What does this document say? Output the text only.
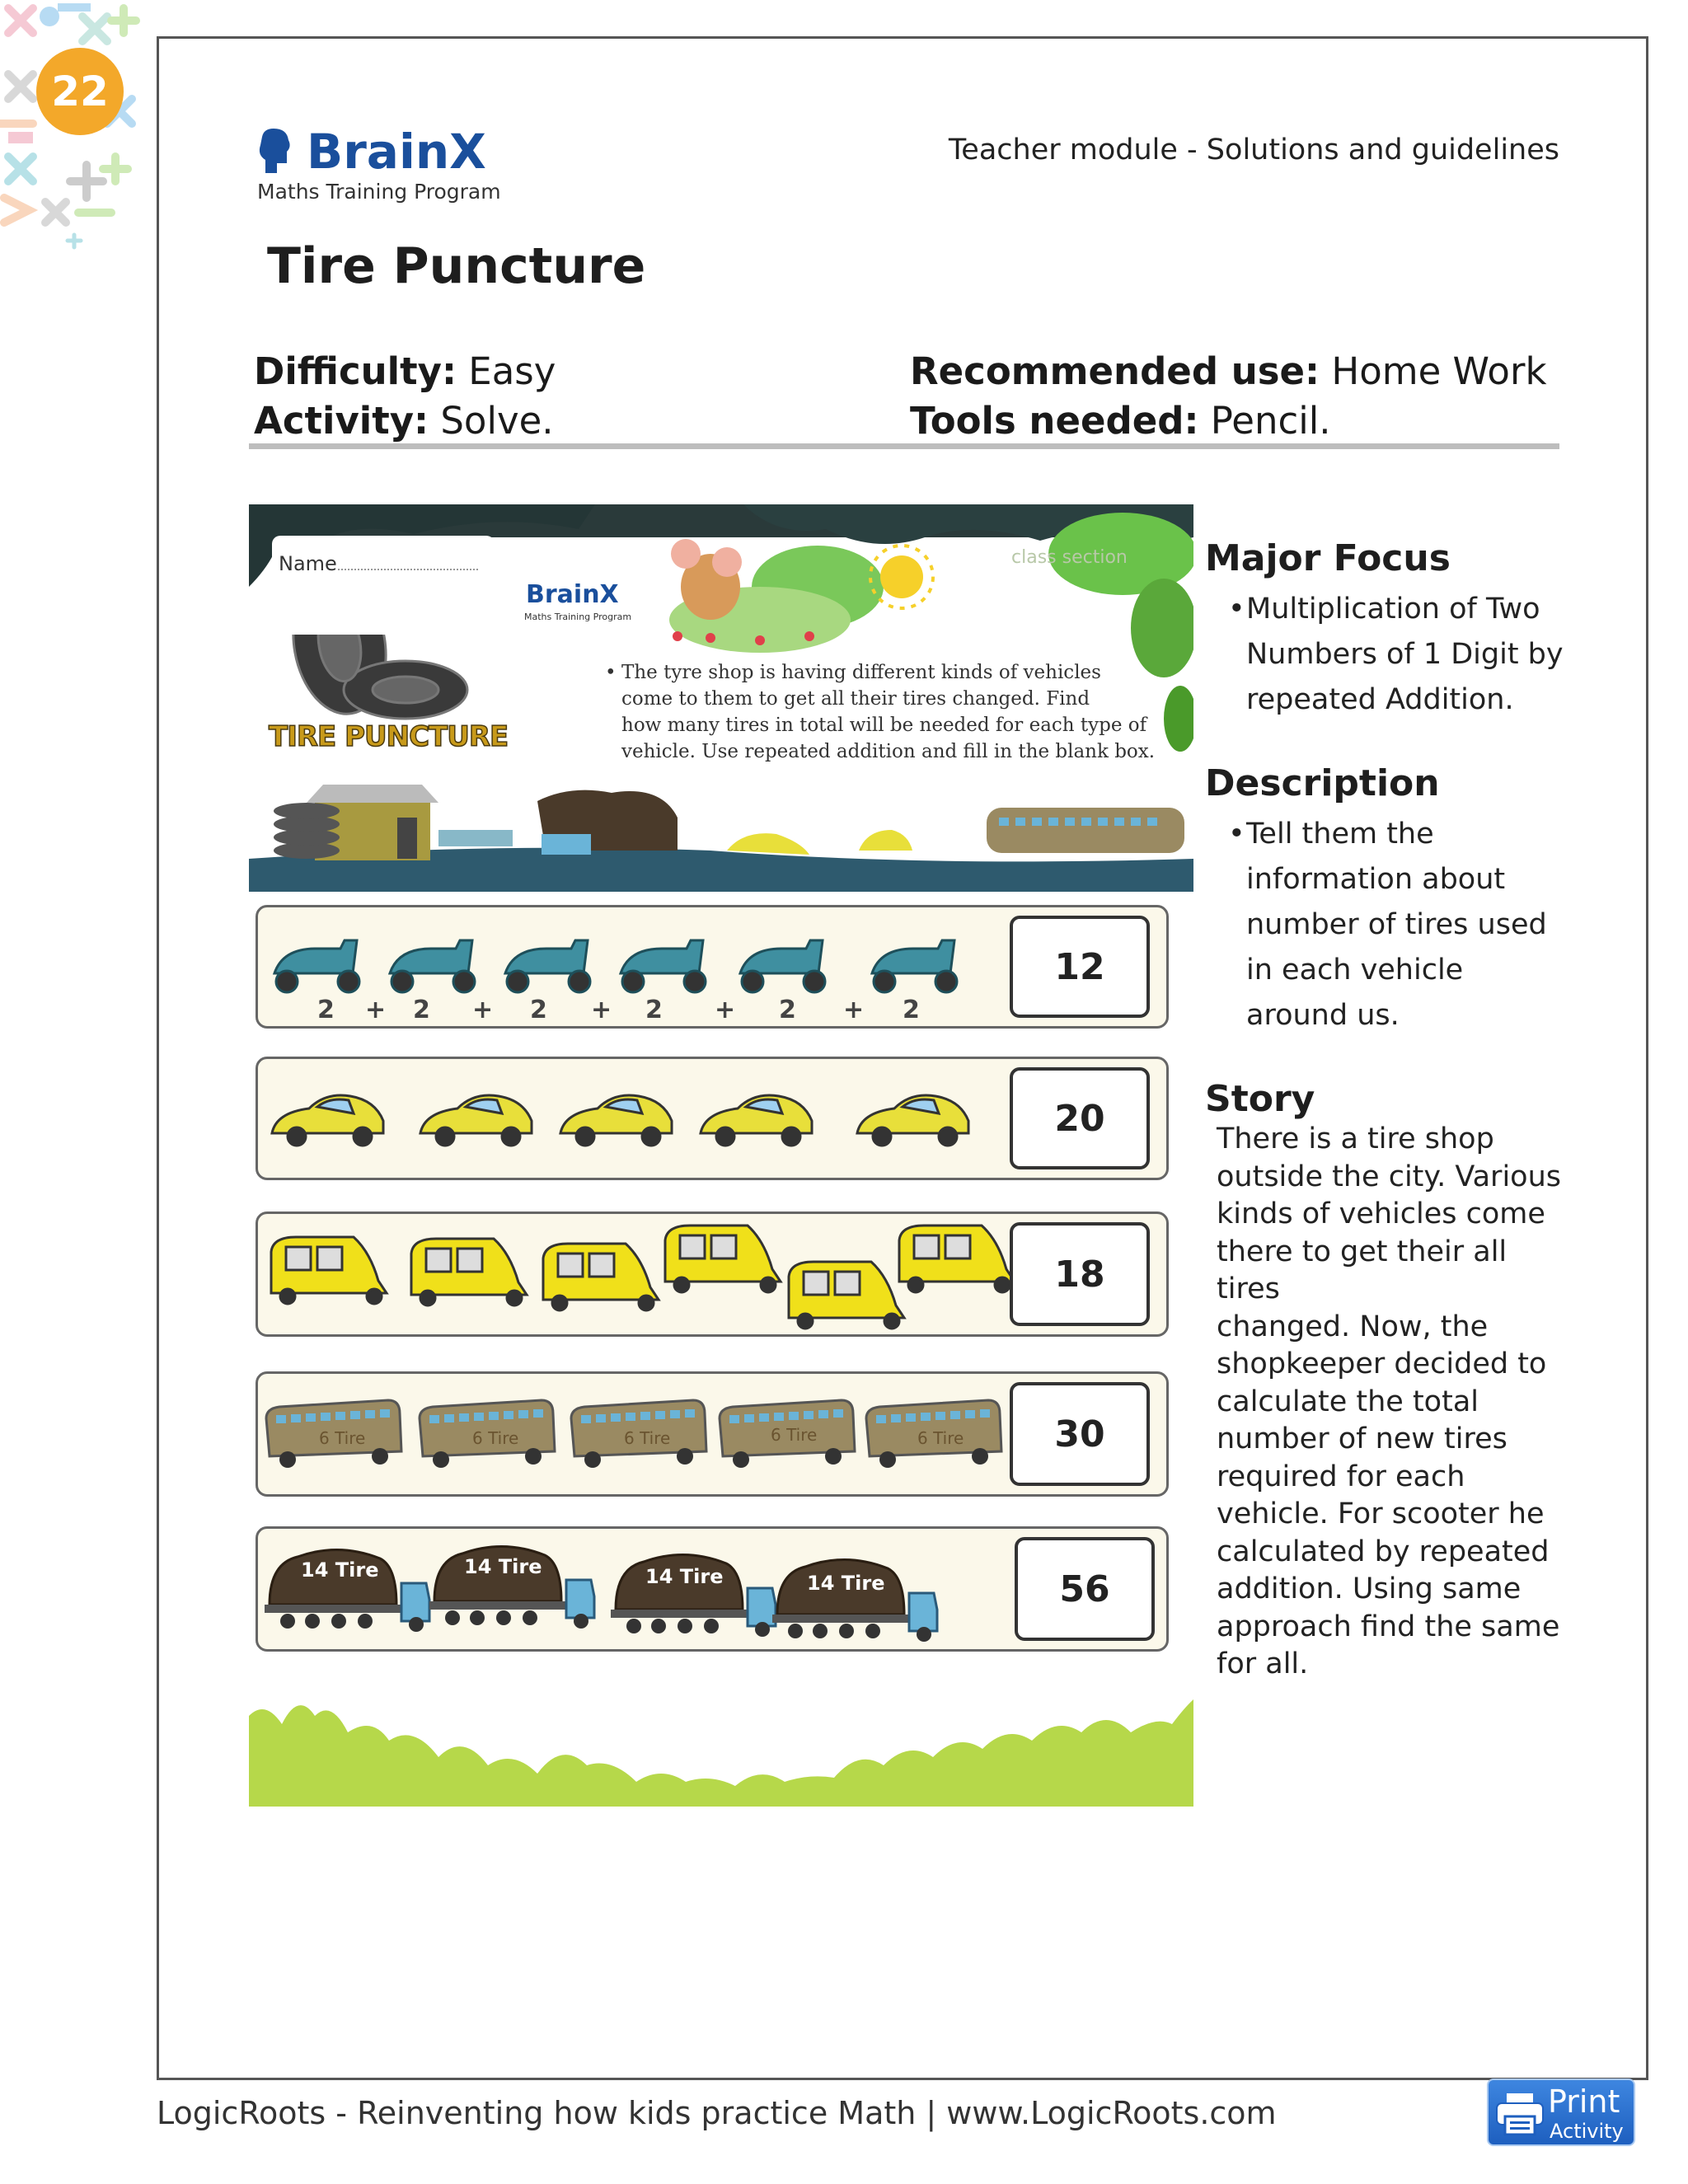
22
BrainX
Maths Training Program
Teacher module - Solutions and guidelines
Tire Puncture
Difficulty: Easy
Activity: Solve.
Recommended use: Home Work
Tools needed: Pencil.
Name
BrainX
Maths Training Program
class section
TIRE PUNCTURE
• The tyre shop is having different kinds of vehicles
come to them to get all their tires changed. Find
how many tires in total will be needed for each type of
vehicle. Use repeated addition and fill in the blank box.
2 + 2 + 2 + 2 + 2 + 2
12
20
18
6 Tire	6 Tire	6 Tire	6 Tire	6 Tire	30
14 Tire	14 Tire	14 Tire	14 Tire	56
Major Focus
•Multiplication of Two
Numbers of 1 Digit by
repeated Addition.
Description
•Tell them the
information about
number of tires used
in each vehicle
around us.
Story
There is a tire shop
outside the city. Various
kinds of vehicles come
there to get their all tires
changed. Now, the
shopkeeper decided to
calculate the total
number of new tires
required for each
vehicle. For scooter he
calculated by repeated
addition. Using same
approach find the same
for all.
LogicRoots - Reinventing how kids practice Math | www.LogicRoots.com	Print
Activity
